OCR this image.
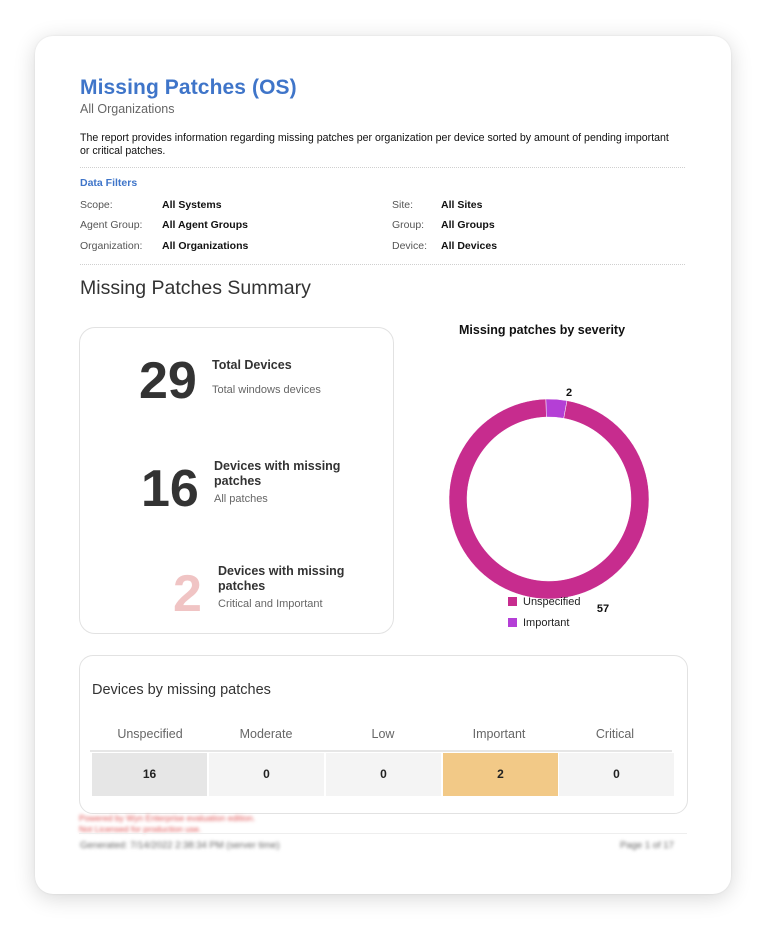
Missing Patches (OS)
All Organizations
The report provides information regarding missing patches per organization per device sorted by amount of pending important or critical patches.
Data Filters
Scope:	All Systems
Agent Group: All Agent Groups
Organization: All Organizations
Site:	All Sites
Group: All Groups
Device: All Devices
Missing Patches Summary
29 Total Devices
Total windows devices
16 Devices with missing patches
All patches
2 Devices with missing patches
Critical and Important
Missing patches by severity
2
57
Unspecified
Important
Devices by missing patches
Unspecified	Moderate	Low	Important	Critical
16	0	0	2	0
Powered by Wyn Enterprise evaluation edition.
Not Licensed for production use.
Generated: 7/14/2022 2:38:34 PM (server time)	Page 1 of 17
